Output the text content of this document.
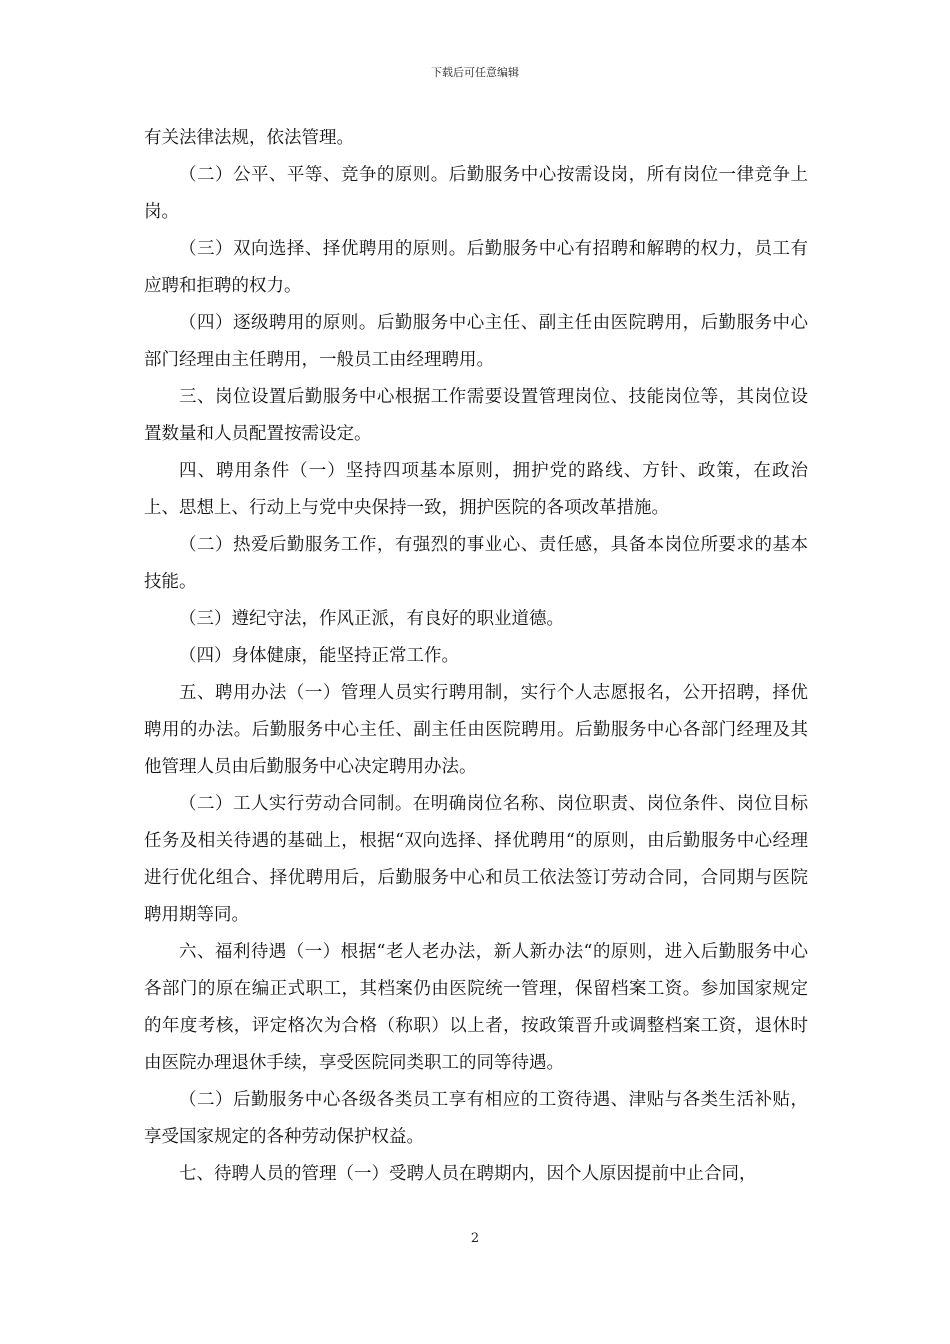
下载后可任意编辑

有关法律法规，依法管理。

（二）公平、平等、竞争的原则。后勤服务中心按需设岗，所有岗位一律竞争上岗。

（三）双向选择、择优聘用的原则。后勤服务中心有招聘和解聘的权力，员工有应聘和拒聘的权力。

（四）逐级聘用的原则。后勤服务中心主任、副主任由医院聘用，后勤服务中心部门经理由主任聘用，一般员工由经理聘用。

三、岗位设置后勤服务中心根据工作需要设置管理岗位、技能岗位等，其岗位设置数量和人员配置按需设定。

四、聘用条件（一）坚持四项基本原则，拥护党的路线、方针、政策，在政治上、思想上、行动上与党中央保持一致，拥护医院的各项改革措施。

（二）热爱后勤服务工作，有强烈的事业心、责任感，具备本岗位所要求的基本技能。

（三）遵纪守法，作风正派，有良好的职业道德。

（四）身体健康，能坚持正常工作。

五、聘用办法（一）管理人员实行聘用制，实行个人志愿报名，公开招聘，择优聘用的办法。后勤服务中心主任、副主任由医院聘用。后勤服务中心各部门经理及其他管理人员由后勤服务中心决定聘用办法。

（二）工人实行劳动合同制。在明确岗位名称、岗位职责、岗位条件、岗位目标任务及相关待遇的基础上，根据“双向选择、择优聘用“的原则，由后勤服务中心经理进行优化组合、择优聘用后，后勤服务中心和员工依法签订劳动合同，合同期与医院聘用期等同。

六、福利待遇（一）根据“老人老办法，新人新办法“的原则，进入后勤服务中心各部门的原在编正式职工，其档案仍由医院统一管理，保留档案工资。参加国家规定的年度考核，评定格次为合格（称职）以上者，按政策晋升或调整档案工资，退休时由医院办理退休手续，享受医院同类职工的同等待遇。

（二）后勤服务中心各级各类员工享有相应的工资待遇、津贴与各类生活补贴，享受国家规定的各种劳动保护权益。

七、待聘人员的管理（一）受聘人员在聘期内，因个人原因提前中止合同，

2
